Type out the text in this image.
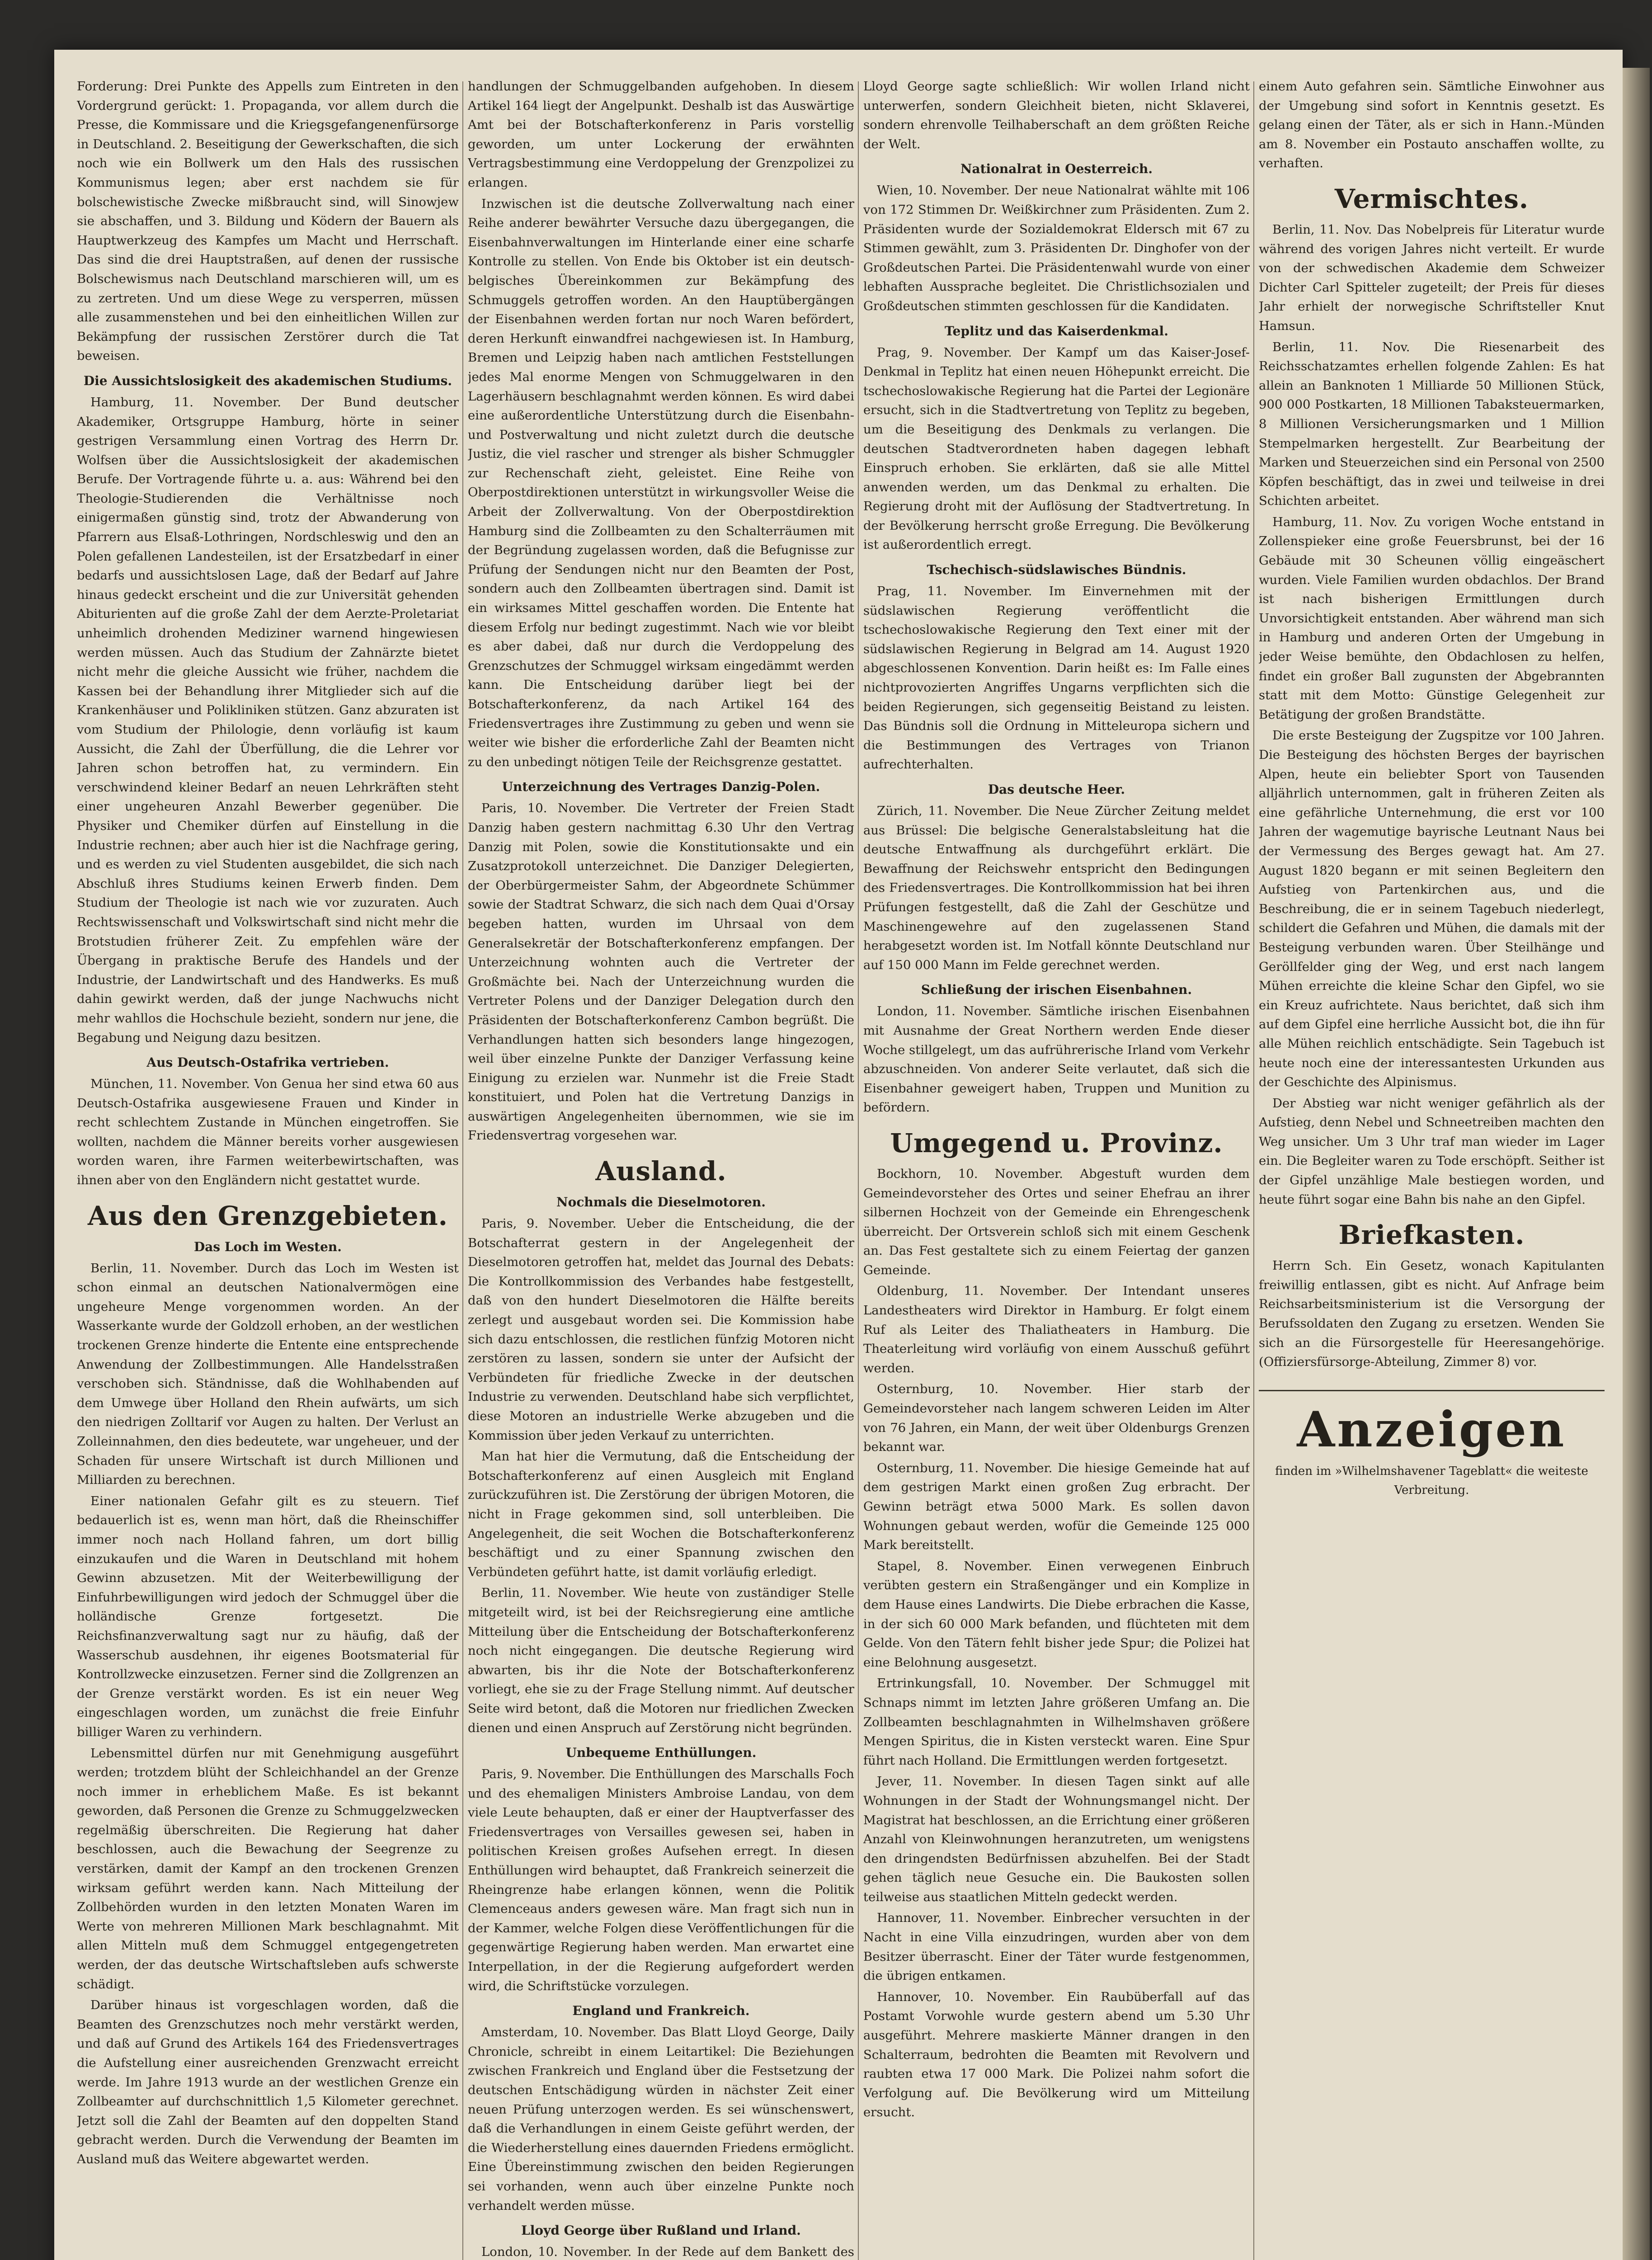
Forderung: Drei Punkte des Appells zum Eintreten in den Vordergrund gerückt: 1. Propaganda, vor allem durch die Presse, die Kommissare und die Kriegsgefangenenfürsorge in Deutschland. 2. Beseitigung der Gewerkschaften, die sich noch wie ein Bollwerk um den Hals des russischen Kommunismus legen; aber erst nachdem sie für bolschewistische Zwecke mißbraucht sind, will Sinowjew sie abschaffen, und 3. Bildung und Ködern der Bauern als Hauptwerkzeug des Kampfes um Macht und Herrschaft. Das sind die drei Hauptstraßen, auf denen der russische Bolschewismus nach Deutschland marschieren will, um es zu zertreten. Und um diese Wege zu versperren, müssen alle zusammenstehen und bei den einheitlichen Willen zur Bekämpfung der russischen Zerstörer durch die Tat beweisen.

Die Aussichtslosigkeit des akademischen Studiums.

Hamburg, 11. November. Der Bund deutscher Akademiker, Ortsgruppe Hamburg, hörte in seiner gestrigen Versammlung einen Vortrag des Herrn Dr. Wolfsen über die Aussichtslosigkeit der akademischen Berufe. Der Vortragende führte u. a. aus: Während bei den Theologie-Studierenden die Verhältnisse noch einigermaßen günstig sind, trotz der Abwanderung von Pfarrern aus Elsaß-Lothringen, Nordschleswig und den an Polen gefallenen Landesteilen, ist der Ersatzbedarf in einer bedarfs und aussichtslosen Lage, daß der Bedarf auf Jahre hinaus gedeckt erscheint und die zur Universität gehenden Abiturienten auf die große Zahl der dem Aerzte-Proletariat unheimlich drohenden Mediziner warnend hingewiesen werden müssen. Auch das Studium der Zahnärzte bietet nicht mehr die gleiche Aussicht wie früher, nachdem die Kassen bei der Behandlung ihrer Mitglieder sich auf die Krankenhäuser und Polikliniken stützen. Ganz abzuraten ist vom Studium der Philologie, denn vorläufig ist kaum Aussicht, die Zahl der Überfüllung, die die Lehrer vor Jahren schon betroffen hat, zu vermindern. Ein verschwindend kleiner Bedarf an neuen Lehrkräften steht einer ungeheuren Anzahl Bewerber gegenüber. Die Physiker und Chemiker dürfen auf Einstellung in die Industrie rechnen; aber auch hier ist die Nachfrage gering, und es werden zu viel Studenten ausgebildet, die sich nach Abschluß ihres Studiums keinen Erwerb finden. Dem Studium der Theologie ist nach wie vor zuzuraten. Auch Rechtswissenschaft und Volkswirtschaft sind nicht mehr die Brotstudien früherer Zeit. Zu empfehlen wäre der Übergang in praktische Berufe des Handels und der Industrie, der Landwirtschaft und des Handwerks. Es muß dahin gewirkt werden, daß der junge Nachwuchs nicht mehr wahllos die Hochschule bezieht, sondern nur jene, die Begabung und Neigung dazu besitzen.

Aus Deutsch-Ostafrika vertrieben.

München, 11. November. Von Genua her sind etwa 60 aus Deutsch-Ostafrika ausgewiesene Frauen und Kinder in recht schlechtem Zustande in München eingetroffen. Sie wollten, nachdem die Männer bereits vorher ausgewiesen worden waren, ihre Farmen weiterbewirtschaften, was ihnen aber von den Engländern nicht gestattet wurde.

Aus den Grenzgebieten.
Das Loch im Westen.

Berlin, 11. November. Durch das Loch im Westen ist schon einmal an deutschen Nationalvermögen eine ungeheure Menge vorgenommen worden. An der Wasserkante wurde der Goldzoll erhoben, an der westlichen trockenen Grenze hinderte die Entente eine entsprechende Anwendung der Zollbestimmungen. Alle Handelsstraßen verschoben sich. Ständnisse, daß die Wohlhabenden auf dem Umwege über Holland den Rhein aufwärts, um sich den niedrigen Zolltarif vor Augen zu halten. Der Verlust an Zolleinnahmen, den dies bedeutete, war ungeheuer, und der Schaden für unsere Wirtschaft ist durch Millionen und Milliarden zu berechnen.

Einer nationalen Gefahr gilt es zu steuern. Tief bedauerlich ist es, wenn man hört, daß die Rheinschiffer immer noch nach Holland fahren, um dort billig einzukaufen und die Waren in Deutschland mit hohem Gewinn abzusetzen. Mit der Weiterbewilligung der Einfuhrbewilligungen wird jedoch der Schmuggel über die holländische Grenze fortgesetzt. Die Reichsfinanzverwaltung sagt nur zu häufig, daß der Wasserschub ausdehnen, ihr eigenes Bootsmaterial für Kontrollzwecke einzusetzen. Ferner sind die Zollgrenzen an der Grenze verstärkt worden. Es ist ein neuer Weg eingeschlagen worden, um zunächst die freie Einfuhr billiger Waren zu verhindern.

Lebensmittel dürfen nur mit Genehmigung ausgeführt werden; trotzdem blüht der Schleichhandel an der Grenze noch immer in erheblichem Maße. Es ist bekannt geworden, daß Personen die Grenze zu Schmuggelzwecken regelmäßig überschreiten. Die Regierung hat daher beschlossen, auch die Bewachung der Seegrenze zu verstärken, damit der Kampf an den trockenen Grenzen wirksam geführt werden kann. Nach Mitteilung der Zollbehörden wurden in den letzten Monaten Waren im Werte von mehreren Millionen Mark beschlagnahmt. Mit allen Mitteln muß dem Schmuggel entgegengetreten werden, der das deutsche Wirtschaftsleben aufs schwerste schädigt.

Darüber hinaus ist vorgeschlagen worden, daß die Beamten des Grenzschutzes noch mehr verstärkt werden, und daß auf Grund des Artikels 164 des Friedensvertrages die Aufstellung einer ausreichenden Grenzwacht erreicht werde. Im Jahre 1913 wurde an der westlichen Grenze ein Zollbeamter auf durchschnittlich 1,5 Kilometer gerechnet. Jetzt soll die Zahl der Beamten auf den doppelten Stand gebracht werden. Durch die Verwendung der Beamten im Ausland muß das Weitere abgewartet werden.

handlungen der Schmuggelbanden aufgehoben. In diesem Artikel 164 liegt der Angelpunkt. Deshalb ist das Auswärtige Amt bei der Botschafterkonferenz in Paris vorstellig geworden, um unter Lockerung der erwähnten Vertragsbestimmung eine Verdoppelung der Grenzpolizei zu erlangen.

Inzwischen ist die deutsche Zollverwaltung nach einer Reihe anderer bewährter Versuche dazu übergegangen, die Eisenbahnverwaltungen im Hinterlande einer eine scharfe Kontrolle zu stellen. Von Ende bis Oktober ist ein deutsch-belgisches Übereinkommen zur Bekämpfung des Schmuggels getroffen worden. An den Hauptübergängen der Eisenbahnen werden fortan nur noch Waren befördert, deren Herkunft einwandfrei nachgewiesen ist. In Hamburg, Bremen und Leipzig haben nach amtlichen Feststellungen jedes Mal enorme Mengen von Schmuggelwaren in den Lagerhäusern beschlagnahmt werden können. Es wird dabei eine außerordentliche Unterstützung durch die Eisenbahn- und Postverwaltung und nicht zuletzt durch die deutsche Justiz, die viel rascher und strenger als bisher Schmuggler zur Rechenschaft zieht, geleistet. Eine Reihe von Oberpostdirektionen unterstützt in wirkungsvoller Weise die Arbeit der Zollverwaltung. Von der Oberpostdirektion Hamburg sind die Zollbeamten zu den Schalterräumen mit der Begründung zugelassen worden, daß die Befugnisse zur Prüfung der Sendungen nicht nur den Beamten der Post, sondern auch den Zollbeamten übertragen sind. Damit ist ein wirksames Mittel geschaffen worden. Die Entente hat diesem Erfolg nur bedingt zugestimmt. Nach wie vor bleibt es aber dabei, daß nur durch die Verdoppelung des Grenzschutzes der Schmuggel wirksam eingedämmt werden kann. Die Entscheidung darüber liegt bei der Botschafterkonferenz, da nach Artikel 164 des Friedensvertrages ihre Zustimmung zu geben und wenn sie weiter wie bisher die erforderliche Zahl der Beamten nicht zu den unbedingt nötigen Teile der Reichsgrenze gestattet.

Unterzeichnung des Vertrages Danzig-Polen.

Paris, 10. November. Die Vertreter der Freien Stadt Danzig haben gestern nachmittag 6.30 Uhr den Vertrag Danzig mit Polen, sowie die Konstitutionsakte und ein Zusatzprotokoll unterzeichnet. Die Danziger Delegierten, der Oberbürgermeister Sahm, der Abgeordnete Schümmer sowie der Stadtrat Schwarz, die sich nach dem Quai d'Orsay begeben hatten, wurden im Uhrsaal von dem Generalsekretär der Botschafterkonferenz empfangen. Der Unterzeichnung wohnten auch die Vertreter der Großmächte bei. Nach der Unterzeichnung wurden die Vertreter Polens und der Danziger Delegation durch den Präsidenten der Botschafterkonferenz Cambon begrüßt. Die Verhandlungen hatten sich besonders lange hingezogen, weil über einzelne Punkte der Danziger Verfassung keine Einigung zu erzielen war. Nunmehr ist die Freie Stadt konstituiert, und Polen hat die Vertretung Danzigs in auswärtigen Angelegenheiten übernommen, wie sie im Friedensvertrag vorgesehen war.

Ausland.
Nochmals die Dieselmotoren.

Paris, 9. November. Ueber die Entscheidung, die der Botschafterrat gestern in der Angelegenheit der Dieselmotoren getroffen hat, meldet das Journal des Debats: Die Kontrollkommission des Verbandes habe festgestellt, daß von den hundert Dieselmotoren die Hälfte bereits zerlegt und ausgebaut worden sei. Die Kommission habe sich dazu entschlossen, die restlichen fünfzig Motoren nicht zerstören zu lassen, sondern sie unter der Aufsicht der Verbündeten für friedliche Zwecke in der deutschen Industrie zu verwenden. Deutschland habe sich verpflichtet, diese Motoren an industrielle Werke abzugeben und die Kommission über jeden Verkauf zu unterrichten.

Man hat hier die Vermutung, daß die Entscheidung der Botschafterkonferenz auf einen Ausgleich mit England zurückzuführen ist. Die Zerstörung der übrigen Motoren, die nicht in Frage gekommen sind, soll unterbleiben. Die Angelegenheit, die seit Wochen die Botschafterkonferenz beschäftigt und zu einer Spannung zwischen den Verbündeten geführt hatte, ist damit vorläufig erledigt.

Berlin, 11. November. Wie heute von zuständiger Stelle mitgeteilt wird, ist bei der Reichsregierung eine amtliche Mitteilung über die Entscheidung der Botschafterkonferenz noch nicht eingegangen. Die deutsche Regierung wird abwarten, bis ihr die Note der Botschafterkonferenz vorliegt, ehe sie zu der Frage Stellung nimmt. Auf deutscher Seite wird betont, daß die Motoren nur friedlichen Zwecken dienen und einen Anspruch auf Zerstörung nicht begründen.

Unbequeme Enthüllungen.

Paris, 9. November. Die Enthüllungen des Marschalls Foch und des ehemaligen Ministers Ambroise Landau, von dem viele Leute behaupten, daß er einer der Hauptverfasser des Friedensvertrages von Versailles gewesen sei, haben in politischen Kreisen großes Aufsehen erregt. In diesen Enthüllungen wird behauptet, daß Frankreich seinerzeit die Rheingrenze habe erlangen können, wenn die Politik Clemenceaus anders gewesen wäre. Man fragt sich nun in der Kammer, welche Folgen diese Veröffentlichungen für die gegenwärtige Regierung haben werden. Man erwartet eine Interpellation, in der die Regierung aufgefordert werden wird, die Schriftstücke vorzulegen.

England und Frankreich.

Amsterdam, 10. November. Das Blatt Lloyd George, Daily Chronicle, schreibt in einem Leitartikel: Die Beziehungen zwischen Frankreich und England über die Festsetzung der deutschen Entschädigung würden in nächster Zeit einer neuen Prüfung unterzogen werden. Es sei wünschenswert, daß die Verhandlungen in einem Geiste geführt werden, der die Wiederherstellung eines dauernden Friedens ermöglicht. Eine Übereinstimmung zwischen den beiden Regierungen sei vorhanden, wenn auch über einzelne Punkte noch verhandelt werden müsse.

Lloyd George über Rußland und Irland.

London, 10. November. In der Rede auf dem Bankett des

Lloyd George sagte schließlich: Wir wollen Irland nicht unterwerfen, sondern Gleichheit bieten, nicht Sklaverei, sondern ehrenvolle Teilhaberschaft an dem größten Reiche der Welt.

Nationalrat in Oesterreich.

Wien, 10. November. Der neue Nationalrat wählte mit 106 von 172 Stimmen Dr. Weißkirchner zum Präsidenten. Zum 2. Präsidenten wurde der Sozialdemokrat Eldersch mit 67 zu Stimmen gewählt, zum 3. Präsidenten Dr. Dinghofer von der Großdeutschen Partei. Die Präsidentenwahl wurde von einer lebhaften Aussprache begleitet. Die Christlichsozialen und Großdeutschen stimmten geschlossen für die Kandidaten.

Teplitz und das Kaiserdenkmal.

Prag, 9. November. Der Kampf um das Kaiser-Josef-Denkmal in Teplitz hat einen neuen Höhepunkt erreicht. Die tschechoslowakische Regierung hat die Partei der Legionäre ersucht, sich in die Stadtvertretung von Teplitz zu begeben, um die Beseitigung des Denkmals zu verlangen. Die deutschen Stadtverordneten haben dagegen lebhaft Einspruch erhoben. Sie erklärten, daß sie alle Mittel anwenden werden, um das Denkmal zu erhalten. Die Regierung droht mit der Auflösung der Stadtvertretung. In der Bevölkerung herrscht große Erregung. Die Bevölkerung ist außerordentlich erregt.

Tschechisch-südslawisches Bündnis.

Prag, 11. November. Im Einvernehmen mit der südslawischen Regierung veröffentlicht die tschechoslowakische Regierung den Text einer mit der südslawischen Regierung in Belgrad am 14. August 1920 abgeschlossenen Konvention. Darin heißt es: Im Falle eines nichtprovozierten Angriffes Ungarns verpflichten sich die beiden Regierungen, sich gegenseitig Beistand zu leisten. Das Bündnis soll die Ordnung in Mitteleuropa sichern und die Bestimmungen des Vertrages von Trianon aufrechterhalten.

Das deutsche Heer.

Zürich, 11. November. Die Neue Zürcher Zeitung meldet aus Brüssel: Die belgische Generalstabsleitung hat die deutsche Entwaffnung als durchgeführt erklärt. Die Bewaffnung der Reichswehr entspricht den Bedingungen des Friedensvertrages. Die Kontrollkommission hat bei ihren Prüfungen festgestellt, daß die Zahl der Geschütze und Maschinengewehre auf den zugelassenen Stand herabgesetzt worden ist. Im Notfall könnte Deutschland nur auf 150 000 Mann im Felde gerechnet werden.

Schließung der irischen Eisenbahnen.

London, 11. November. Sämtliche irischen Eisenbahnen mit Ausnahme der Great Northern werden Ende dieser Woche stillgelegt, um das aufrührerische Irland vom Verkehr abzuschneiden. Von anderer Seite verlautet, daß sich die Eisenbahner geweigert haben, Truppen und Munition zu befördern.

Umgegend u. Provinz.

Bockhorn, 10. November. Abgestuft wurden dem Gemeindevorsteher des Ortes und seiner Ehefrau an ihrer silbernen Hochzeit von der Gemeinde ein Ehrengeschenk überreicht. Der Ortsverein schloß sich mit einem Geschenk an. Das Fest gestaltete sich zu einem Feiertag der ganzen Gemeinde.

Oldenburg, 11. November. Der Intendant unseres Landestheaters wird Direktor in Hamburg. Er folgt einem Ruf als Leiter des Thaliatheaters in Hamburg. Die Theaterleitung wird vorläufig von einem Ausschuß geführt werden.

Osternburg, 10. November. Hier starb der Gemeindevorsteher nach langem schweren Leiden im Alter von 76 Jahren, ein Mann, der weit über Oldenburgs Grenzen bekannt war.

Osternburg, 11. November. Die hiesige Gemeinde hat auf dem gestrigen Markt einen großen Zug erbracht. Der Gewinn beträgt etwa 5000 Mark. Es sollen davon Wohnungen gebaut werden, wofür die Gemeinde 125 000 Mark bereitstellt.

Stapel, 8. November. Einen verwegenen Einbruch verübten gestern ein Straßengänger und ein Komplize in dem Hause eines Landwirts. Die Diebe erbrachen die Kasse, in der sich 60 000 Mark befanden, und flüchteten mit dem Gelde. Von den Tätern fehlt bisher jede Spur; die Polizei hat eine Belohnung ausgesetzt.

Ertrinkungsfall, 10. November. Der Schmuggel mit Schnaps nimmt im letzten Jahre größeren Umfang an. Die Zollbeamten beschlagnahmten in Wilhelmshaven größere Mengen Spiritus, die in Kisten versteckt waren. Eine Spur führt nach Holland. Die Ermittlungen werden fortgesetzt.

Jever, 11. November. In diesen Tagen sinkt auf alle Wohnungen in der Stadt der Wohnungsmangel nicht. Der Magistrat hat beschlossen, an die Errichtung einer größeren Anzahl von Kleinwohnungen heranzutreten, um wenigstens den dringendsten Bedürfnissen abzuhelfen. Bei der Stadt gehen täglich neue Gesuche ein. Die Baukosten sollen teilweise aus staatlichen Mitteln gedeckt werden.

Hannover, 11. November. Einbrecher versuchten in der Nacht in eine Villa einzudringen, wurden aber von dem Besitzer überrascht. Einer der Täter wurde festgenommen, die übrigen entkamen.

Hannover, 10. November. Ein Raubüberfall auf das Postamt Vorwohle wurde gestern abend um 5.30 Uhr ausgeführt. Mehrere maskierte Männer drangen in den Schalterraum, bedrohten die Beamten mit Revolvern und raubten etwa 17 000 Mark. Die Polizei nahm sofort die Verfolgung auf. Die Bevölkerung wird um Mitteilung ersucht.

einem Auto gefahren sein. Sämtliche Einwohner aus der Umgebung sind sofort in Kenntnis gesetzt. Es gelang einen der Täter, als er sich in Hann.-Münden am 8. November ein Postauto anschaffen wollte, zu verhaften.

Vermischtes.

Berlin, 11. Nov. Das Nobelpreis für Literatur wurde während des vorigen Jahres nicht verteilt. Er wurde von der schwedischen Akademie dem Schweizer Dichter Carl Spitteler zugeteilt; der Preis für dieses Jahr erhielt der norwegische Schriftsteller Knut Hamsun.

Berlin, 11. Nov. Die Riesenarbeit des Reichsschatzamtes erhellen folgende Zahlen: Es hat allein an Banknoten 1 Milliarde 50 Millionen Stück, 900 000 Postkarten, 18 Millionen Tabaksteuermarken, 8 Millionen Versicherungsmarken und 1 Million Stempelmarken hergestellt. Zur Bearbeitung der Marken und Steuerzeichen sind ein Personal von 2500 Köpfen beschäftigt, das in zwei und teilweise in drei Schichten arbeitet.

Hamburg, 11. Nov. Zu vorigen Woche entstand in Zollenspieker eine große Feuersbrunst, bei der 16 Gebäude mit 30 Scheunen völlig eingeäschert wurden. Viele Familien wurden obdachlos. Der Brand ist nach bisherigen Ermittlungen durch Unvorsichtigkeit entstanden. Aber während man sich in Hamburg und anderen Orten der Umgebung in jeder Weise bemühte, den Obdachlosen zu helfen, findet ein großer Ball zugunsten der Abgebrannten statt mit dem Motto: Günstige Gelegenheit zur Betätigung der großen Brandstätte.

Die erste Besteigung der Zugspitze vor 100 Jahren. Die Besteigung des höchsten Berges der bayrischen Alpen, heute ein beliebter Sport von Tausenden alljährlich unternommen, galt in früheren Zeiten als eine gefährliche Unternehmung, die erst vor 100 Jahren der wagemutige bayrische Leutnant Naus bei der Vermessung des Berges gewagt hat. Am 27. August 1820 begann er mit seinen Begleitern den Aufstieg von Partenkirchen aus, und die Beschreibung, die er in seinem Tagebuch niederlegt, schildert die Gefahren und Mühen, die damals mit der Besteigung verbunden waren. Über Steilhänge und Geröllfelder ging der Weg, und erst nach langem Mühen erreichte die kleine Schar den Gipfel, wo sie ein Kreuz aufrichtete. Naus berichtet, daß sich ihm auf dem Gipfel eine herrliche Aussicht bot, die ihn für alle Mühen reichlich entschädigte. Sein Tagebuch ist heute noch eine der interessantesten Urkunden aus der Geschichte des Alpinismus.

Der Abstieg war nicht weniger gefährlich als der Aufstieg, denn Nebel und Schneetreiben machten den Weg unsicher. Um 3 Uhr traf man wieder im Lager ein. Die Begleiter waren zu Tode erschöpft. Seither ist der Gipfel unzählige Male bestiegen worden, und heute führt sogar eine Bahn bis nahe an den Gipfel.

Briefkasten.

Herrn Sch. Ein Gesetz, wonach Kapitulanten freiwillig entlassen, gibt es nicht. Auf Anfrage beim Reichsarbeitsministerium ist die Versorgung der Berufssoldaten den Zugang zu ersetzen. Wenden Sie sich an die Fürsorgestelle für Heeresangehörige. (Offiziersfürsorge-Abteilung, Zimmer 8) vor.

Anzeigen

finden im »Wilhelmshavener Tageblatt« die weiteste Verbreitung.
